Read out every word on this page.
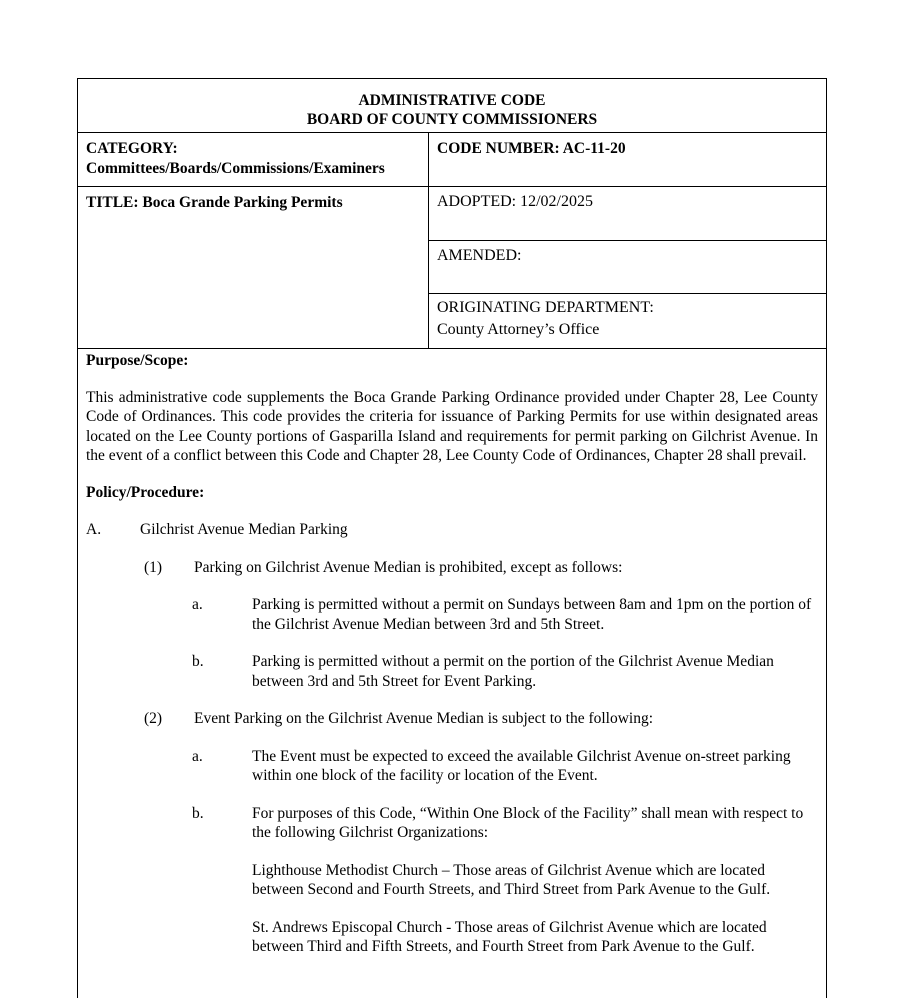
ADMINISTRATIVE CODE
BOARD OF COUNTY COMMISSIONERS
CATEGORY:
Committees/Boards/Commissions/Examiners
CODE NUMBER: AC-11-20
TITLE: Boca Grande Parking Permits	ADOPTED: 12/02/2025
AMENDED:
ORIGINATING DEPARTMENT:
County Attorney’s Office
Purpose/Scope:
This administrative code supplements the Boca Grande Parking Ordinance provided under Chapter 28, Lee County Code of Ordinances. This code provides the criteria for issuance of Parking Permits for use within designated areas located on the Lee County portions of Gasparilla Island and requirements for permit parking on Gilchrist Avenue. In the event of a conflict between this Code and Chapter 28, Lee County Code of Ordinances, Chapter 28 shall prevail.
Policy/Procedure:
A.	Gilchrist Avenue Median Parking
(1)	Parking on Gilchrist Avenue Median is prohibited, except as follows:
a.	Parking is permitted without a permit on Sundays between 8am and 1pm on the portion of the Gilchrist Avenue Median between 3rd and 5th Street.
b.	Parking is permitted without a permit on the portion of the Gilchrist Avenue Median between 3rd and 5th Street for Event Parking.
(2)	Event Parking on the Gilchrist Avenue Median is subject to the following:
a.	The Event must be expected to exceed the available Gilchrist Avenue on-street parking within one block of the facility or location of the Event.
b.	For purposes of this Code, “Within One Block of the Facility” shall mean with respect to the following Gilchrist Organizations:
Lighthouse Methodist Church – Those areas of Gilchrist Avenue which are located between Second and Fourth Streets, and Third Street from Park Avenue to the Gulf.
St. Andrews Episcopal Church - Those areas of Gilchrist Avenue which are located between Third and Fifth Streets, and Fourth Street from Park Avenue to the Gulf.
